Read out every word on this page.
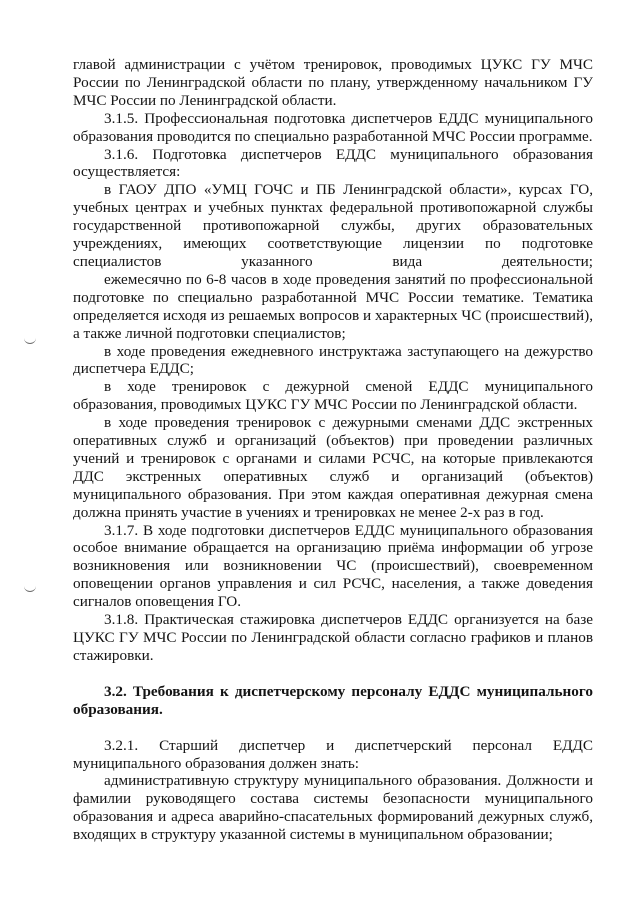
главой администрации с учётом тренировок, проводимых ЦУКС ГУ МЧС России по Ленинградской области по плану, утвержденному начальником ГУ МЧС России по Ленинградской области.

3.1.5. Профессиональная подготовка диспетчеров ЕДДС муниципального образования проводится по специально разработанной МЧС России программе.

3.1.6. Подготовка диспетчеров ЕДДС муниципального образования осуществляется:

в ГАОУ ДПО «УМЦ ГОЧС и ПБ Ленинградской области», курсах ГО, учебных центрах и учебных пунктах федеральной противопожарной службы государственной противопожарной службы, других образовательных учреждениях, имеющих соответствующие лицензии по подготовке специалистов указанного вида деятельности;

ежемесячно по 6-8 часов в ходе проведения занятий по профессиональной подготовке по специально разработанной МЧС России тематике. Тематика определяется исходя из решаемых вопросов и характерных ЧС (происшествий), а также личной подготовки специалистов;

в ходе проведения ежедневного инструктажа заступающего на дежурство диспетчера ЕДДС;

в ходе тренировок с дежурной сменой ЕДДС муниципального образования, проводимых ЦУКС ГУ МЧС России по Ленинградской области.

в ходе проведения тренировок с дежурными сменами ДДС экстренных оперативных служб и организаций (объектов) при проведении различных учений и тренировок с органами и силами РСЧС, на которые привлекаются ДДС экстренных оперативных служб и организаций (объектов) муниципального образования. При этом каждая оперативная дежурная смена должна принять участие в учениях и тренировках не менее 2-х раз в год.

3.1.7. В ходе подготовки диспетчеров ЕДДС муниципального образования особое внимание обращается на организацию приёма информации об угрозе возникновения или возникновении ЧС (происшествий), своевременном оповещении органов управления и сил РСЧС, населения, а также доведения сигналов оповещения ГО.

3.1.8. Практическая стажировка диспетчеров ЕДДС организуется на базе ЦУКС ГУ МЧС России по Ленинградской области согласно графиков и планов стажировки.

3.2. Требования к диспетчерскому персоналу ЕДДС муниципального образования.

3.2.1. Старший диспетчер и диспетчерский персонал ЕДДС муниципального образования должен знать:

административную структуру муниципального образования. Должности и фамилии руководящего состава системы безопасности муниципального образования и адреса аварийно-спасательных формирований дежурных служб, входящих в структуру указанной системы в муниципальном образовании;
